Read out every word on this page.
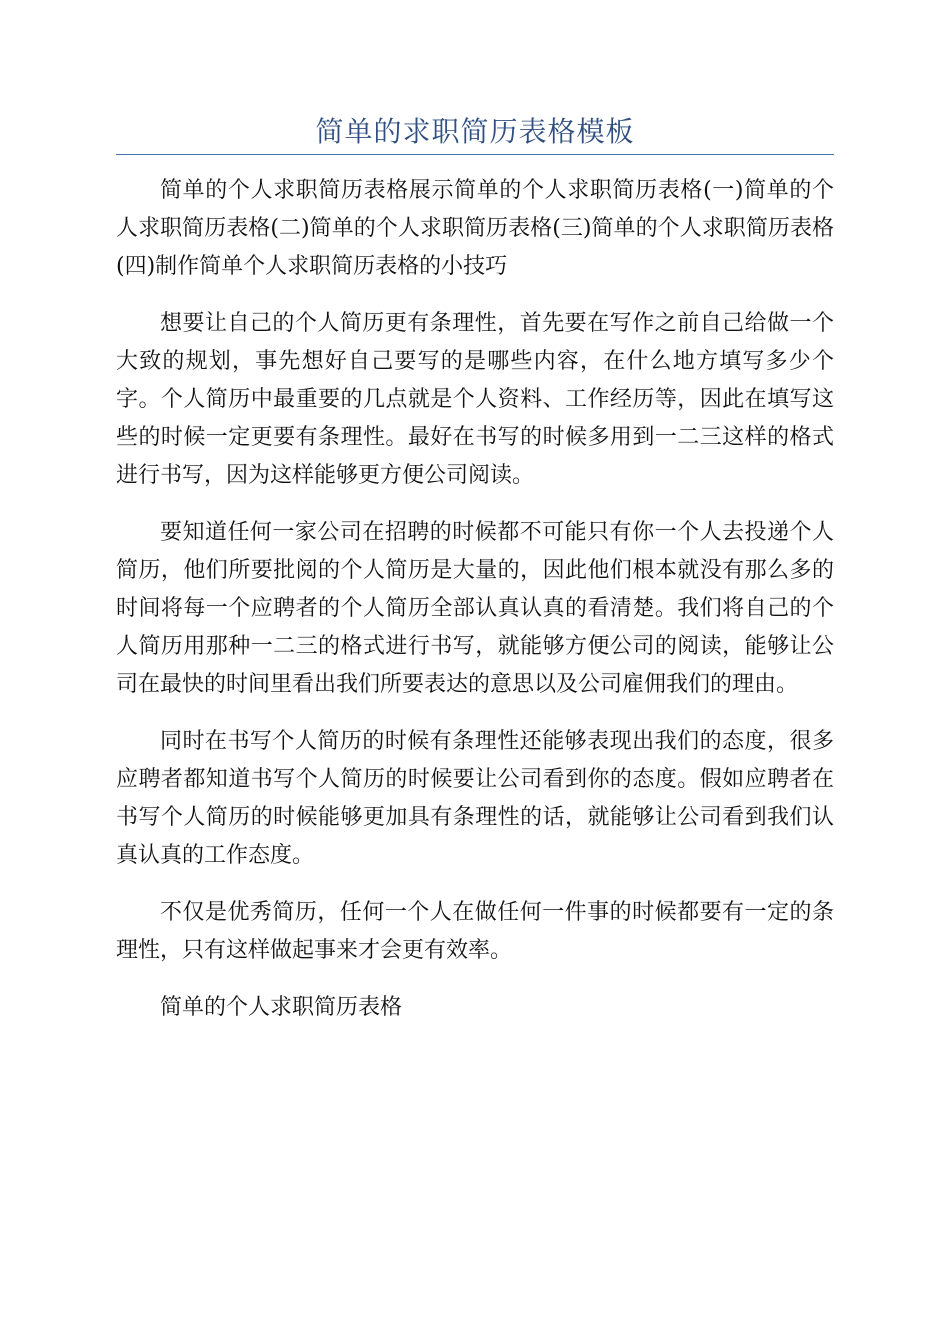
简单的求职简历表格模板

简单的个人求职简历表格展示简单的个人求职简历表格(一)简单的个人求职简历表格(二)简单的个人求职简历表格(三)简单的个人求职简历表格(四)制作简单个人求职简历表格的小技巧

想要让自己的个人简历更有条理性，首先要在写作之前自己给做一个大致的规划，事先想好自己要写的是哪些内容，在什么地方填写多少个字。个人简历中最重要的几点就是个人资料、工作经历等，因此在填写这些的时候一定更要有条理性。最好在书写的时候多用到一二三这样的格式进行书写，因为这样能够更方便公司阅读。

要知道任何一家公司在招聘的时候都不可能只有你一个人去投递个人简历，他们所要批阅的个人简历是大量的，因此他们根本就没有那么多的时间将每一个应聘者的个人简历全部认真认真的看清楚。我们将自己的个人简历用那种一二三的格式进行书写，就能够方便公司的阅读，能够让公司在最快的时间里看出我们所要表达的意思以及公司雇佣我们的理由。

同时在书写个人简历的时候有条理性还能够表现出我们的态度，很多应聘者都知道书写个人简历的时候要让公司看到你的态度。假如应聘者在书写个人简历的时候能够更加具有条理性的话，就能够让公司看到我们认真认真的工作态度。

不仅是优秀简历，任何一个人在做任何一件事的时候都要有一定的条理性，只有这样做起事来才会更有效率。

简单的个人求职简历表格
